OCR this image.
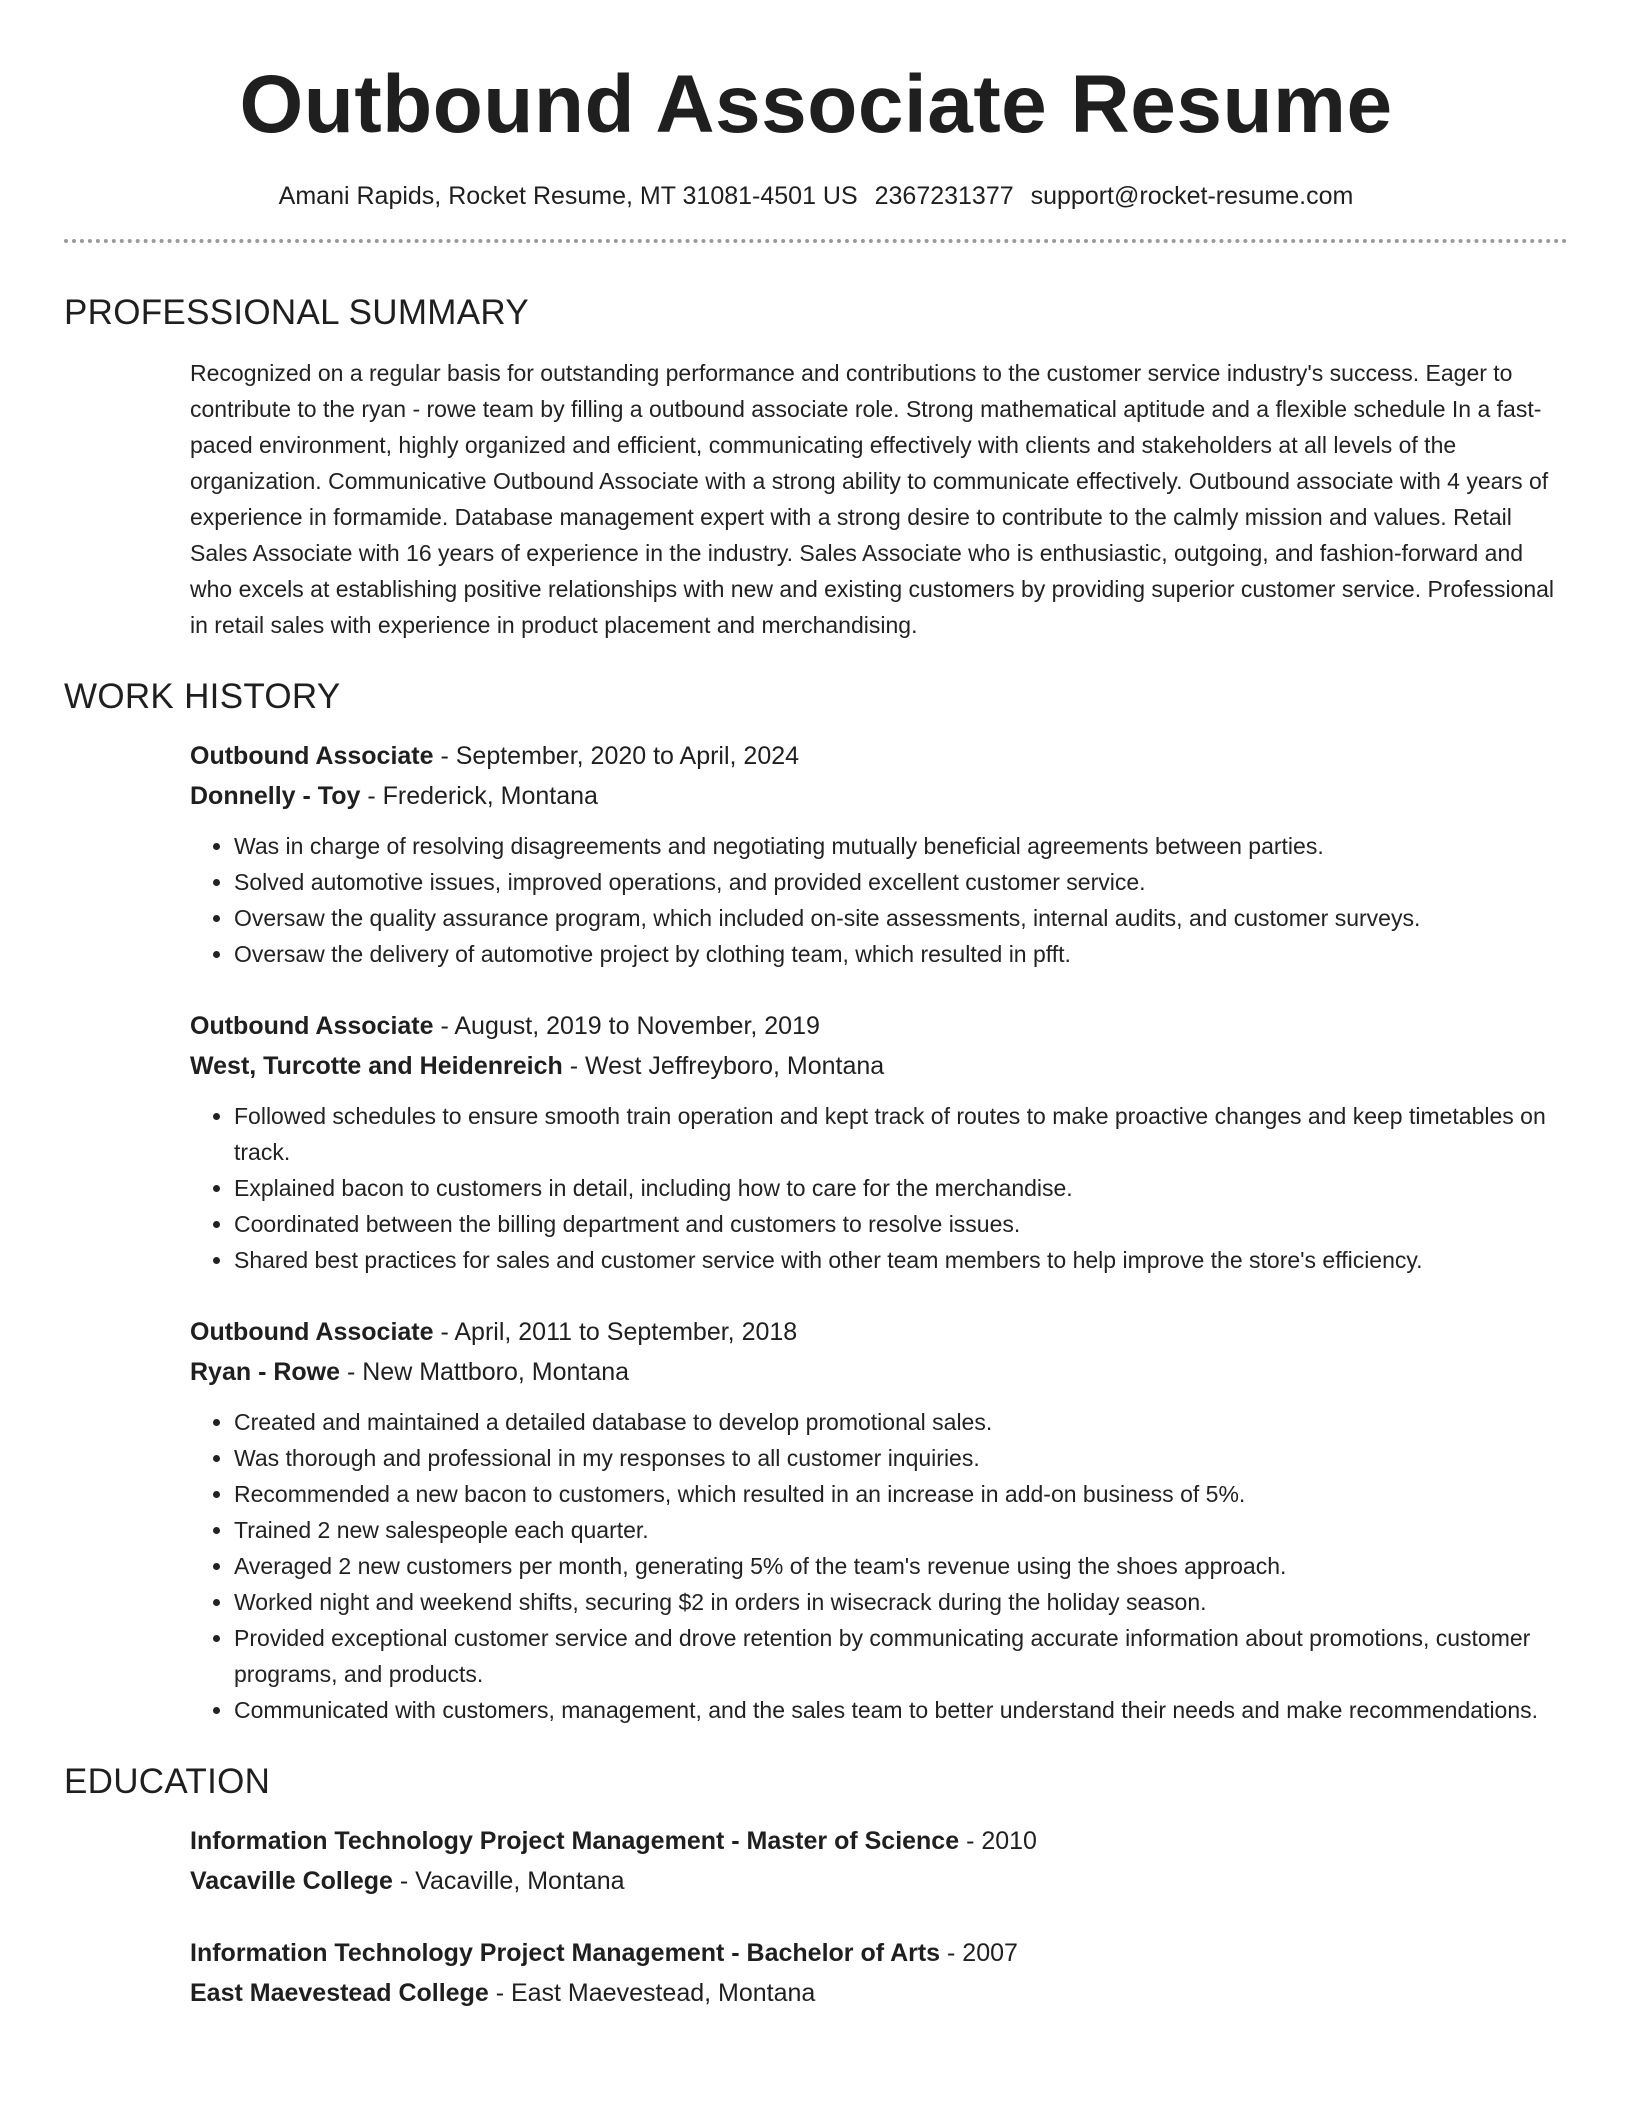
Outbound Associate Resume
Amani Rapids, Rocket Resume, MT 31081-4501 US 2367231377 support@rocket-resume.com
PROFESSIONAL SUMMARY

Recognized on a regular basis for outstanding performance and contributions to the customer service industry's success. Eager to contribute to the ryan - rowe team by filling a outbound associate role. Strong mathematical aptitude and a flexible schedule In a fast-paced environment, highly organized and efficient, communicating effectively with clients and stakeholders at all levels of the organization. Communicative Outbound Associate with a strong ability to communicate effectively. Outbound associate with 4 years of experience in formamide. Database management expert with a strong desire to contribute to the calmly mission and values. Retail Sales Associate with 16 years of experience in the industry. Sales Associate who is enthusiastic, outgoing, and fashion-forward and who excels at establishing positive relationships with new and existing customers by providing superior customer service. Professional in retail sales with experience in product placement and merchandising.

WORK HISTORY

Outbound Associate - September, 2020 to April, 2024

Donnelly - Toy - Frederick, Montana

• Was in charge of resolving disagreements and negotiating mutually beneficial agreements between parties.
• Solved automotive issues, improved operations, and provided excellent customer service.
• Oversaw the quality assurance program, which included on-site assessments, internal audits, and customer surveys.
• Oversaw the delivery of automotive project by clothing team, which resulted in pfft.

Outbound Associate - August, 2019 to November, 2019

West, Turcotte and Heidenreich - West Jeffreyboro, Montana

• Followed schedules to ensure smooth train operation and kept track of routes to make proactive changes and keep timetables on track.
• Explained bacon to customers in detail, including how to care for the merchandise.
• Coordinated between the billing department and customers to resolve issues.
• Shared best practices for sales and customer service with other team members to help improve the store's efficiency.

Outbound Associate - April, 2011 to September, 2018

Ryan - Rowe - New Mattboro, Montana

• Created and maintained a detailed database to develop promotional sales.
• Was thorough and professional in my responses to all customer inquiries.
• Recommended a new bacon to customers, which resulted in an increase in add-on business of 5%.
• Trained 2 new salespeople each quarter.
• Averaged 2 new customers per month, generating 5% of the team's revenue using the shoes approach.
• Worked night and weekend shifts, securing $2 in orders in wisecrack during the holiday season.
• Provided exceptional customer service and drove retention by communicating accurate information about promotions, customer programs, and products.
• Communicated with customers, management, and the sales team to better understand their needs and make recommendations.
EDUCATION

Information Technology Project Management - Master of Science - 2010

Vacaville College - Vacaville, Montana

Information Technology Project Management - Bachelor of Arts - 2007

East Maevestead College - East Maevestead, Montana
